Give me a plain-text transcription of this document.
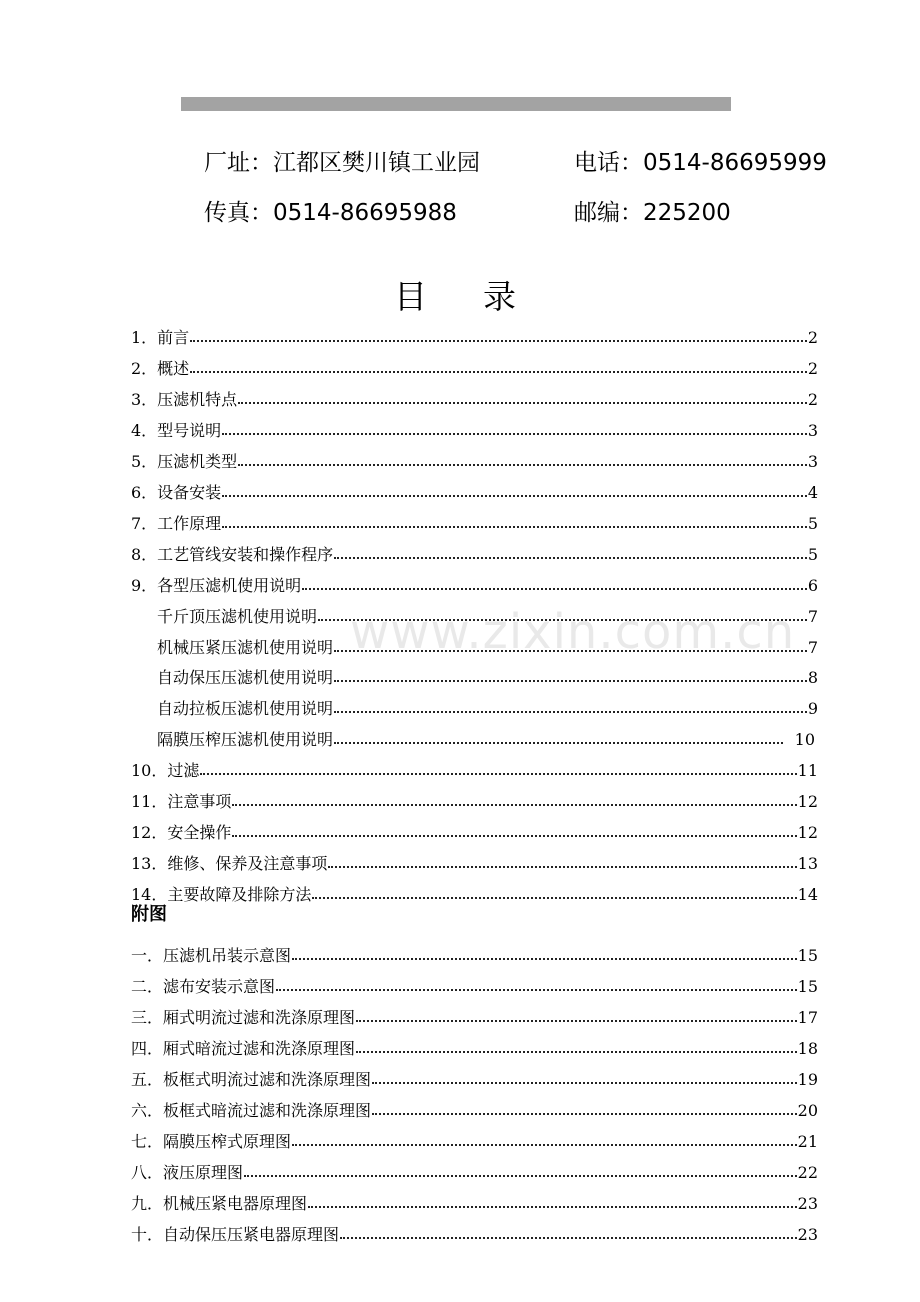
厂址：江都区樊川镇工业园	电话：0514-86695999
传真：0514-86695988	邮编：225200
目录
www.zixin.com.cn
1．前言	2
2．概述	2
3．压滤机特点	2
4．型号说明	3
5．压滤机类型	3
6．设备安装	4
7．工作原理	5
8．工艺管线安装和操作程序	5
9．各型压滤机使用说明	6
千斤顶压滤机使用说明	7
机械压紧压滤机使用说明	7
自动保压压滤机使用说明	8
自动拉板压滤机使用说明	9
隔膜压榨压滤机使用说明	10
10．过滤	11
11．注意事项	12
12．安全操作	12
13．维修、保养及注意事项	13
14．主要故障及排除方法	14
附图
一．压滤机吊装示意图	15
二．滤布安装示意图	15
三．厢式明流过滤和洗涤原理图	17
四．厢式暗流过滤和洗涤原理图	18
五．板框式明流过滤和洗涤原理图	19
六．板框式暗流过滤和洗涤原理图	20
七．隔膜压榨式原理图	21
八．液压原理图	22
九．机械压紧电器原理图	23
十．自动保压压紧电器原理图	23
